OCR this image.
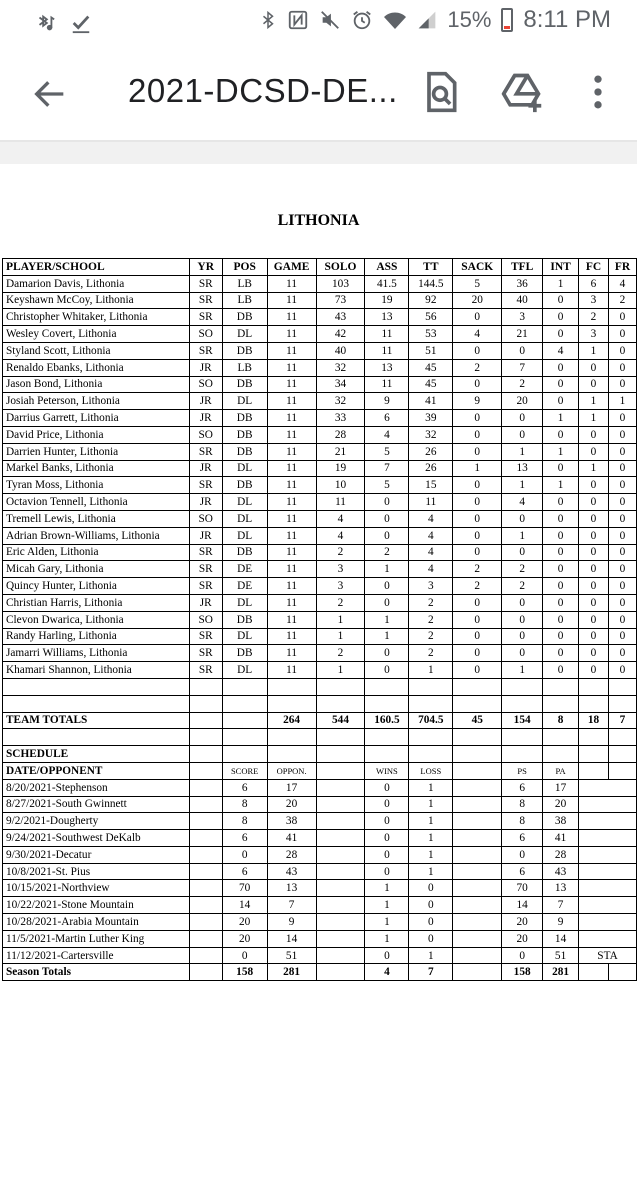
15% 8:11 PM
2021-DCSD-DE...
LITHONIA
PLAYER/SCHOOL	YR	POS	GAME	SOLO	ASS	TT	SACK	TFL	INT	FC	FR
Damarion Davis, Lithonia	SR	LB	11	103	41.5	144.5	5	36	1	6	4
Keyshawn McCoy, Lithonia	SR	LB	11	73	19	92	20	40	0	3	2
Christopher Whitaker, Lithonia	SR	DB	11	43	13	56	0	3	0	2	0
Wesley Covert, Lithonia	SO	DL	11	42	11	53	4	21	0	3	0
Styland Scott, Lithonia	SR	DB	11	40	11	51	0	0	4	1	0
Renaldo Ebanks, Lithonia	JR	LB	11	32	13	45	2	7	0	0	0
Jason Bond, Lithonia	SO	DB	11	34	11	45	0	2	0	0	0
Josiah Peterson, Lithonia	JR	DL	11	32	9	41	9	20	0	1	1
Darrius Garrett, Lithonia	JR	DB	11	33	6	39	0	0	1	1	0
David Price, Lithonia	SO	DB	11	28	4	32	0	0	0	0	0
Darrien Hunter, Lithonia	SR	DB	11	21	5	26	0	1	1	0	0
Markel Banks, Lithonia	JR	DL	11	19	7	26	1	13	0	1	0
Tyran Moss, Lithonia	SR	DB	11	10	5	15	0	1	1	0	0
Octavion Tennell, Lithonia	JR	DL	11	11	0	11	0	4	0	0	0
Tremell Lewis, Lithonia	SO	DL	11	4	0	4	0	0	0	0	0
Adrian Brown-Williams, Lithonia	JR	DL	11	4	0	4	0	1	0	0	0
Eric Alden, Lithonia	SR	DB	11	2	2	4	0	0	0	0	0
Micah Gary, Lithonia	SR	DE	11	3	1	4	2	2	0	0	0
Quincy Hunter, Lithonia	SR	DE	11	3	0	3	2	2	0	0	0
Christian Harris, Lithonia	JR	DL	11	2	0	2	0	0	0	0	0
Clevon Dwarica, Lithonia	SO	DB	11	1	1	2	0	0	0	0	0
Randy Harling, Lithonia	SR	DL	11	1	1	2	0	0	0	0	0
Jamarri Williams, Lithonia	SR	DB	11	2	0	2	0	0	0	0	0
Khamari Shannon, Lithonia	SR	DL	11	1	0	1	0	1	0	0	0

TEAM TOTALS			264	544	160.5	704.5	45	154	8	18	7

SCHEDULE											
DATE/OPPONENT		SCORE	OPPON.		WINS	LOSS		PS	PA		
8/20/2021-Stephenson		6	17		0	1		6	17		
8/27/2021-South Gwinnett		8	20		0	1		8	20		
9/2/2021-Dougherty		8	38		0	1		8	38		
9/24/2021-Southwest DeKalb		6	41		0	1		6	41		
9/30/2021-Decatur		0	28		0	1		0	28		
10/8/2021-St. Pius		6	43		0	1		6	43		
10/15/2021-Northview		70	13		1	0		70	13		
10/22/2021-Stone Mountain		14	7		1	0		14	7		
10/28/2021-Arabia Mountain		20	9		1	0		20	9		
11/5/2021-Martin Luther King		20	14		1	0		20	14		
11/12/2021-Cartersville		0	51		0	1		0	51	STA	
Season Totals		158	281		4	7		158	281		
